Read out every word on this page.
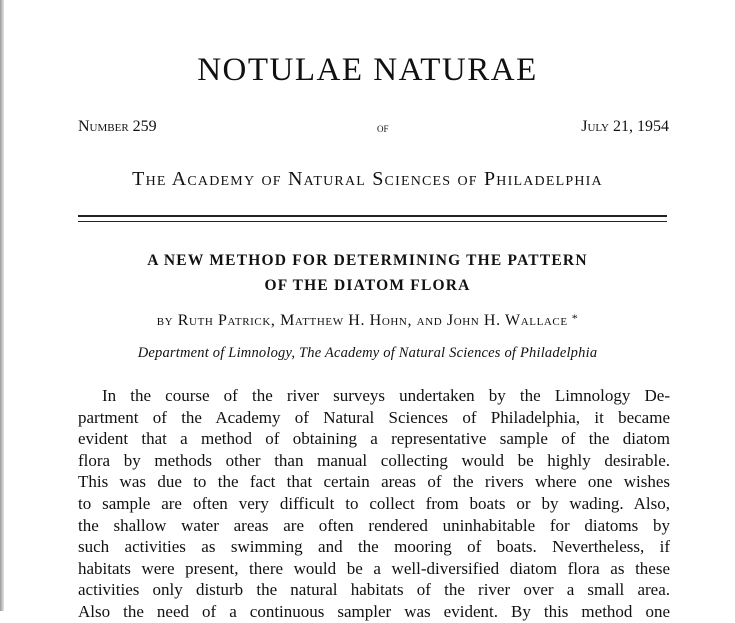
NOTULAE NATURAE
Number 259	of	July 21, 1954
The Academy of Natural Sciences of Philadelphia
A NEW METHOD FOR DETERMINING THE PATTERN
OF THE DIATOM FLORA
by Ruth Patrick, Matthew H. Hohn, and John H. Wallace *
Department of Limnology, The Academy of Natural Sciences of Philadelphia
In the course of the river surveys undertaken by the Limnology De-
partment of the Academy of Natural Sciences of Philadelphia, it became
evident that a method of obtaining a representative sample of the diatom
flora by methods other than manual collecting would be highly desirable.
This was due to the fact that certain areas of the rivers where one wishes
to sample are often very difficult to collect from boats or by wading. Also,
the shallow water areas are often rendered uninhabitable for diatoms by
such activities as swimming and the mooring of boats. Nevertheless, if
habitats were present, there would be a well-diversified diatom flora as these
activities only disturb the natural habitats of the river over a small area.
Also the need of a continuous sampler was evident. By this method one
